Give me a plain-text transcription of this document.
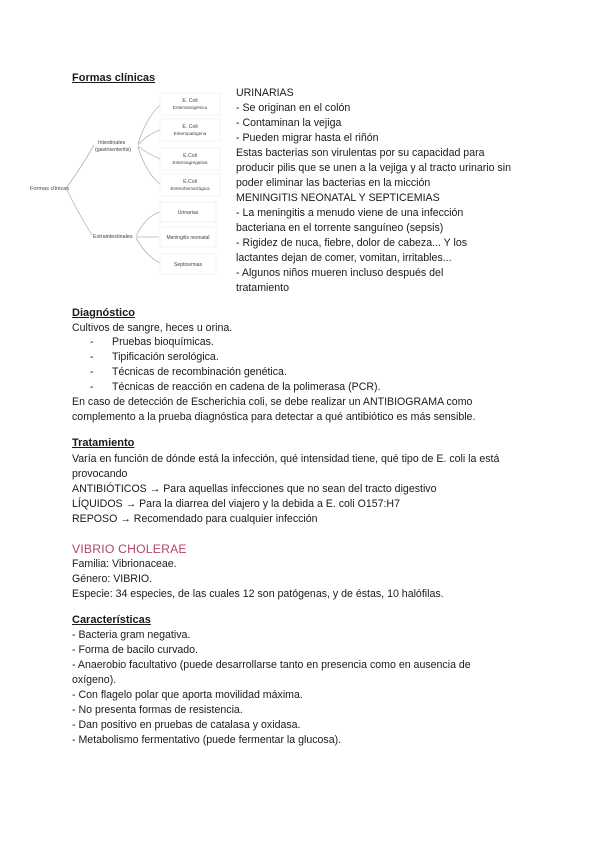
Formas clínicas
Formas clínicas
Intestinales
(gastroenteritis)
Extraintestinales
E. Coli
Enterotoxigénica
E. Coli
Enteropatógena
E.Coli
Enteroagregativa
E.Coli
Enterohemorrágica
Urinarias
Meningitis neonatal
Septicemias
URINARIAS
- Se originan en el colón
- Contaminan la vejiga
- Pueden migrar hasta el riñón
Estas bacterias son virulentas por su capacidad para
producir pilis que se unen a la vejiga y al tracto urinario sin
poder eliminar las bacterias en la micción
MENINGITIS NEONATAL Y SEPTICEMIAS
- La meningitis a menudo viene de una infección
bacteriana en el torrente sanguíneo (sepsis)
- Rigidez de nuca, fiebre, dolor de cabeza... Y los
lactantes dejan de comer, vomitan, irritables...
- Algunos niños mueren incluso después del
tratamiento
Diagnóstico
Cultivos de sangre, heces u orina.
- Pruebas bioquímicas.
- Tipificación serológica.
- Técnicas de recombinación genética.
- Técnicas de reacción en cadena de la polimerasa (PCR).
En caso de detección de Escherichia coli, se debe realizar un ANTIBIOGRAMA como
complemento a la prueba diagnóstica para detectar a qué antibiótico es más sensible.
Tratamiento
Varía en función de dónde está la infección, qué intensidad tiene, qué tipo de E. coli la está
provocando
ANTIBIÓTICOS → Para aquellas infecciones que no sean del tracto digestivo
LÍQUIDOS → Para la diarrea del viajero y la debida a E. coli O157:H7
REPOSO → Recomendado para cualquier infección
VIBRIO CHOLERAE
Familia: Vibrionaceae.
Género: VIBRIO.
Especie: 34 especies, de las cuales 12 son patógenas, y de éstas, 10 halófilas.
Características
- Bacteria gram negativa.
- Forma de bacilo curvado.
- Anaerobio facultativo (puede desarrollarse tanto en presencia como en ausencia de
oxígeno).
- Con flagelo polar que aporta movilidad máxima.
- No presenta formas de resistencia.
- Dan positivo en pruebas de catalasa y oxidasa.
- Metabolismo fermentativo (puede fermentar la glucosa).
